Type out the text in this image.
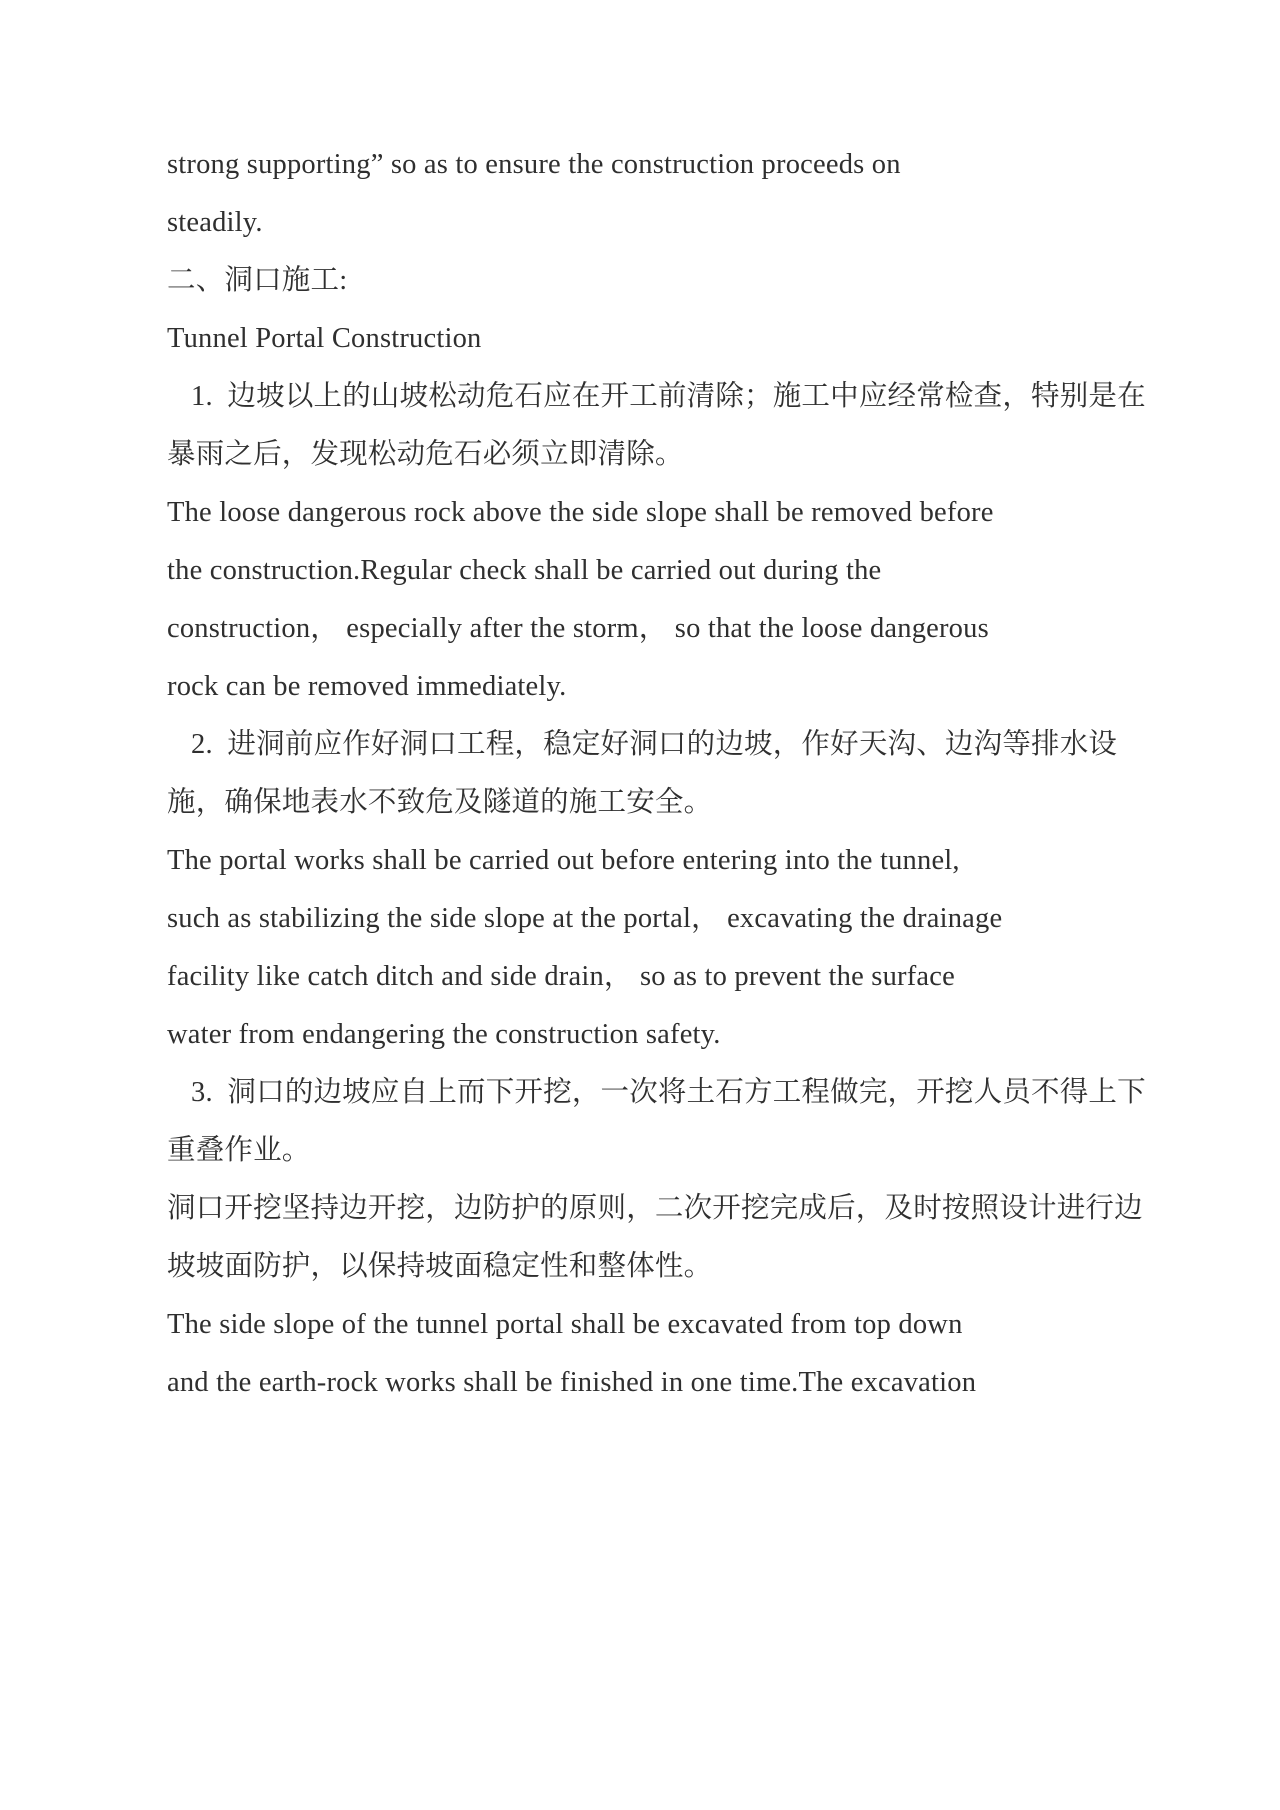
strong supporting” so as to ensure the construction proceeds on
steadily.
二、洞口施工:
Tunnel Portal Construction
1.  边坡以上的山坡松动危石应在开工前清除；施工中应经常检查，特别是在
暴雨之后，发现松动危石必须立即清除。
The loose dangerous rock above the side slope shall be removed before
the construction.Regular check shall be carried out during the
construction， especially after the storm， so that the loose dangerous
rock can be removed immediately.
2.  进洞前应作好洞口工程，稳定好洞口的边坡，作好天沟、边沟等排水设
施，确保地表水不致危及隧道的施工安全。
The portal works shall be carried out before entering into the tunnel,
such as stabilizing the side slope at the portal， excavating the drainage
facility like catch ditch and side drain， so as to prevent the surface
water from endangering the construction safety.
3.  洞口的边坡应自上而下开挖，一次将土石方工程做完，开挖人员不得上下
重叠作业。
洞口开挖坚持边开挖，边防护的原则，二次开挖完成后，及时按照设计进行边
坡坡面防护，以保持坡面稳定性和整体性。
The side slope of the tunnel portal shall be excavated from top down
and the earth-rock works shall be finished in one time.The excavation
